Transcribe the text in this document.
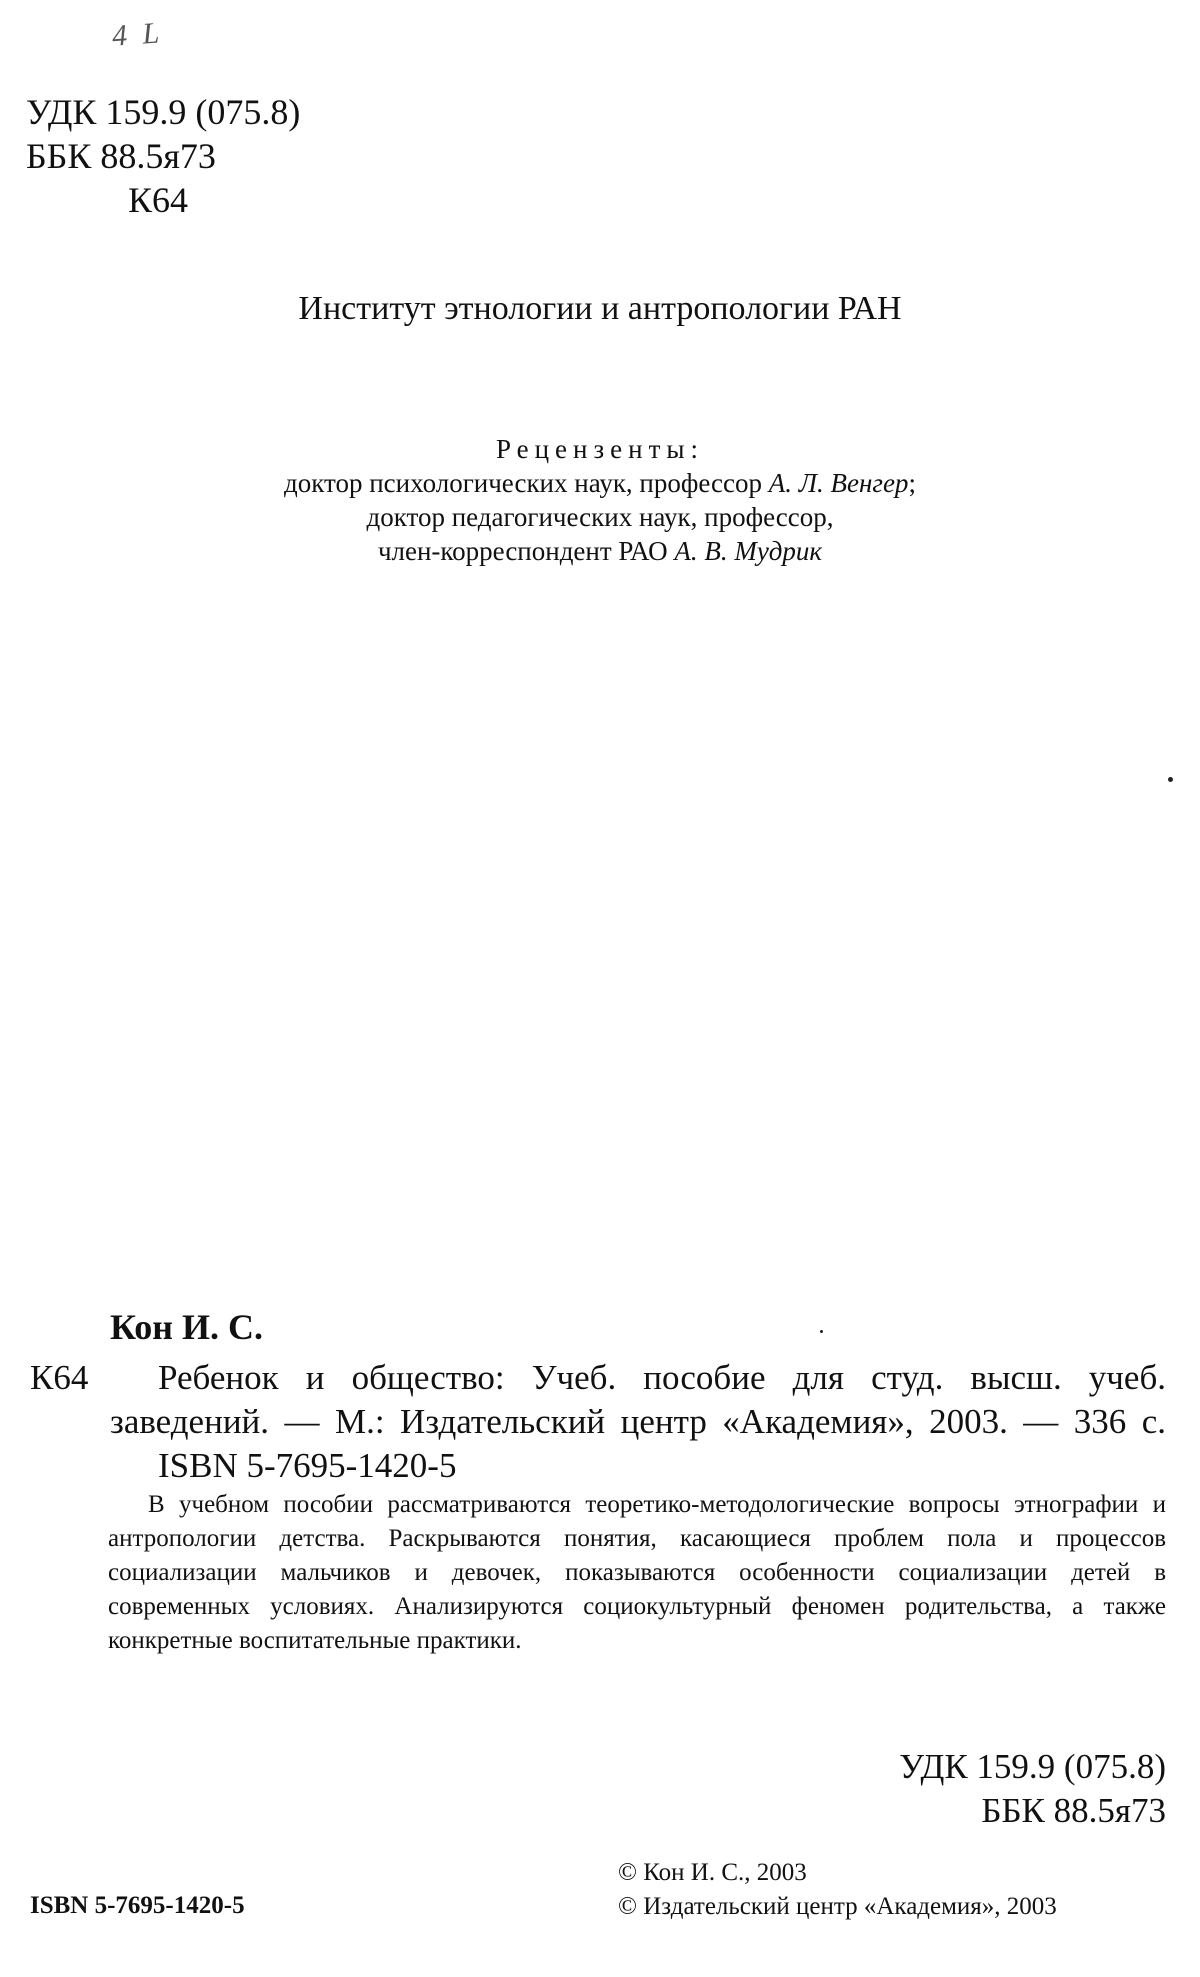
4 L
УДК 159.9 (075.8)
ББК 88.5я73
К64
Институт этнологии и антропологии РАН
Рецензенты:
доктор психологических наук, профессор А. Л. Венгер;
доктор педагогических наук, профессор,
член-корреспондент РАО А. В. Мудрик
Кон И. С.
К64	Ребенок и общество: Учеб. пособие для студ. высш. учеб.
заведений. — М.: Издательский центр «Академия», 2003. — 336 с.
ISBN 5-7695-1420-5

В учебном пособии рассматриваются теоретико-методологические вопросы этнографии и антропологии детства. Раскрываются понятия, касающиеся проблем пола и процессов социализации мальчиков и девочек, показываются особенности социализации детей в современных условиях. Анализируются социокультурный феномен родительства, а также конкретные воспитательные практики.

УДК 159.9 (075.8)
ББК 88.5я73
ISBN 5-7695-1420-5
© Кон И. С., 2003
© Издательский центр «Академия», 2003
